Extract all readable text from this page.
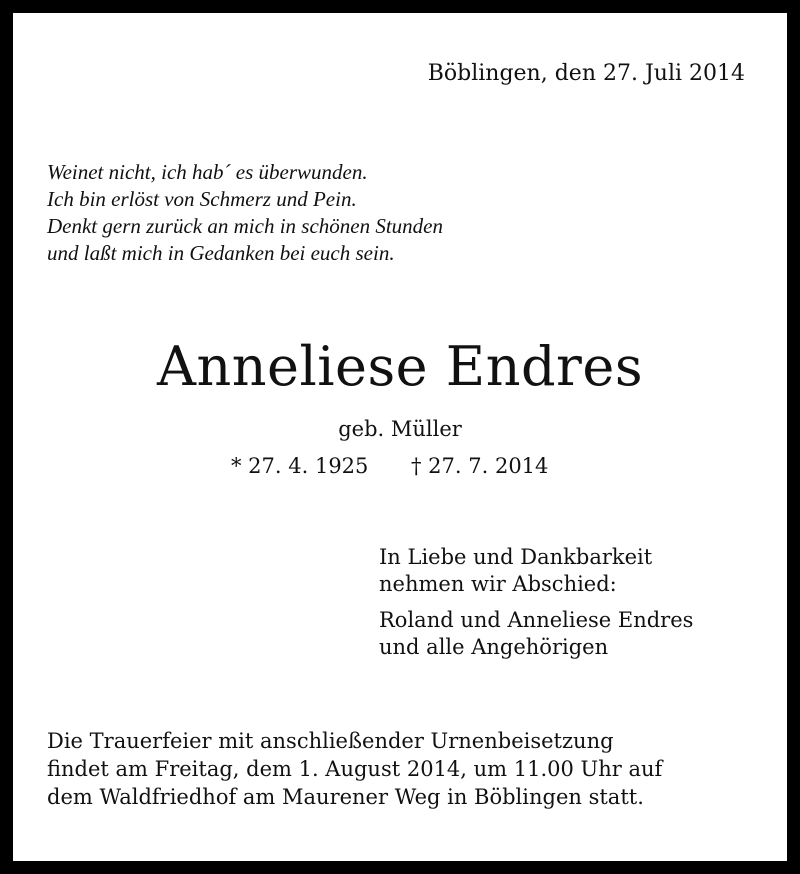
Böblingen, den 27. Juli 2014
Weinet nicht, ich hab´ es überwunden.
Ich bin erlöst von Schmerz und Pein.
Denkt gern zurück an mich in schönen Stunden
und laßt mich in Gedanken bei euch sein.
Anneliese Endres
geb. Müller
* 27. 4. 1925 † 27. 7. 2014
In Liebe und Dankbarkeit
nehmen wir Abschied:
Roland und Anneliese Endres
und alle Angehörigen
Die Trauerfeier mit anschließender Urnenbeisetzung
findet am Freitag, dem 1. August 2014, um 11.00 Uhr auf
dem Waldfriedhof am Maurener Weg in Böblingen statt.
